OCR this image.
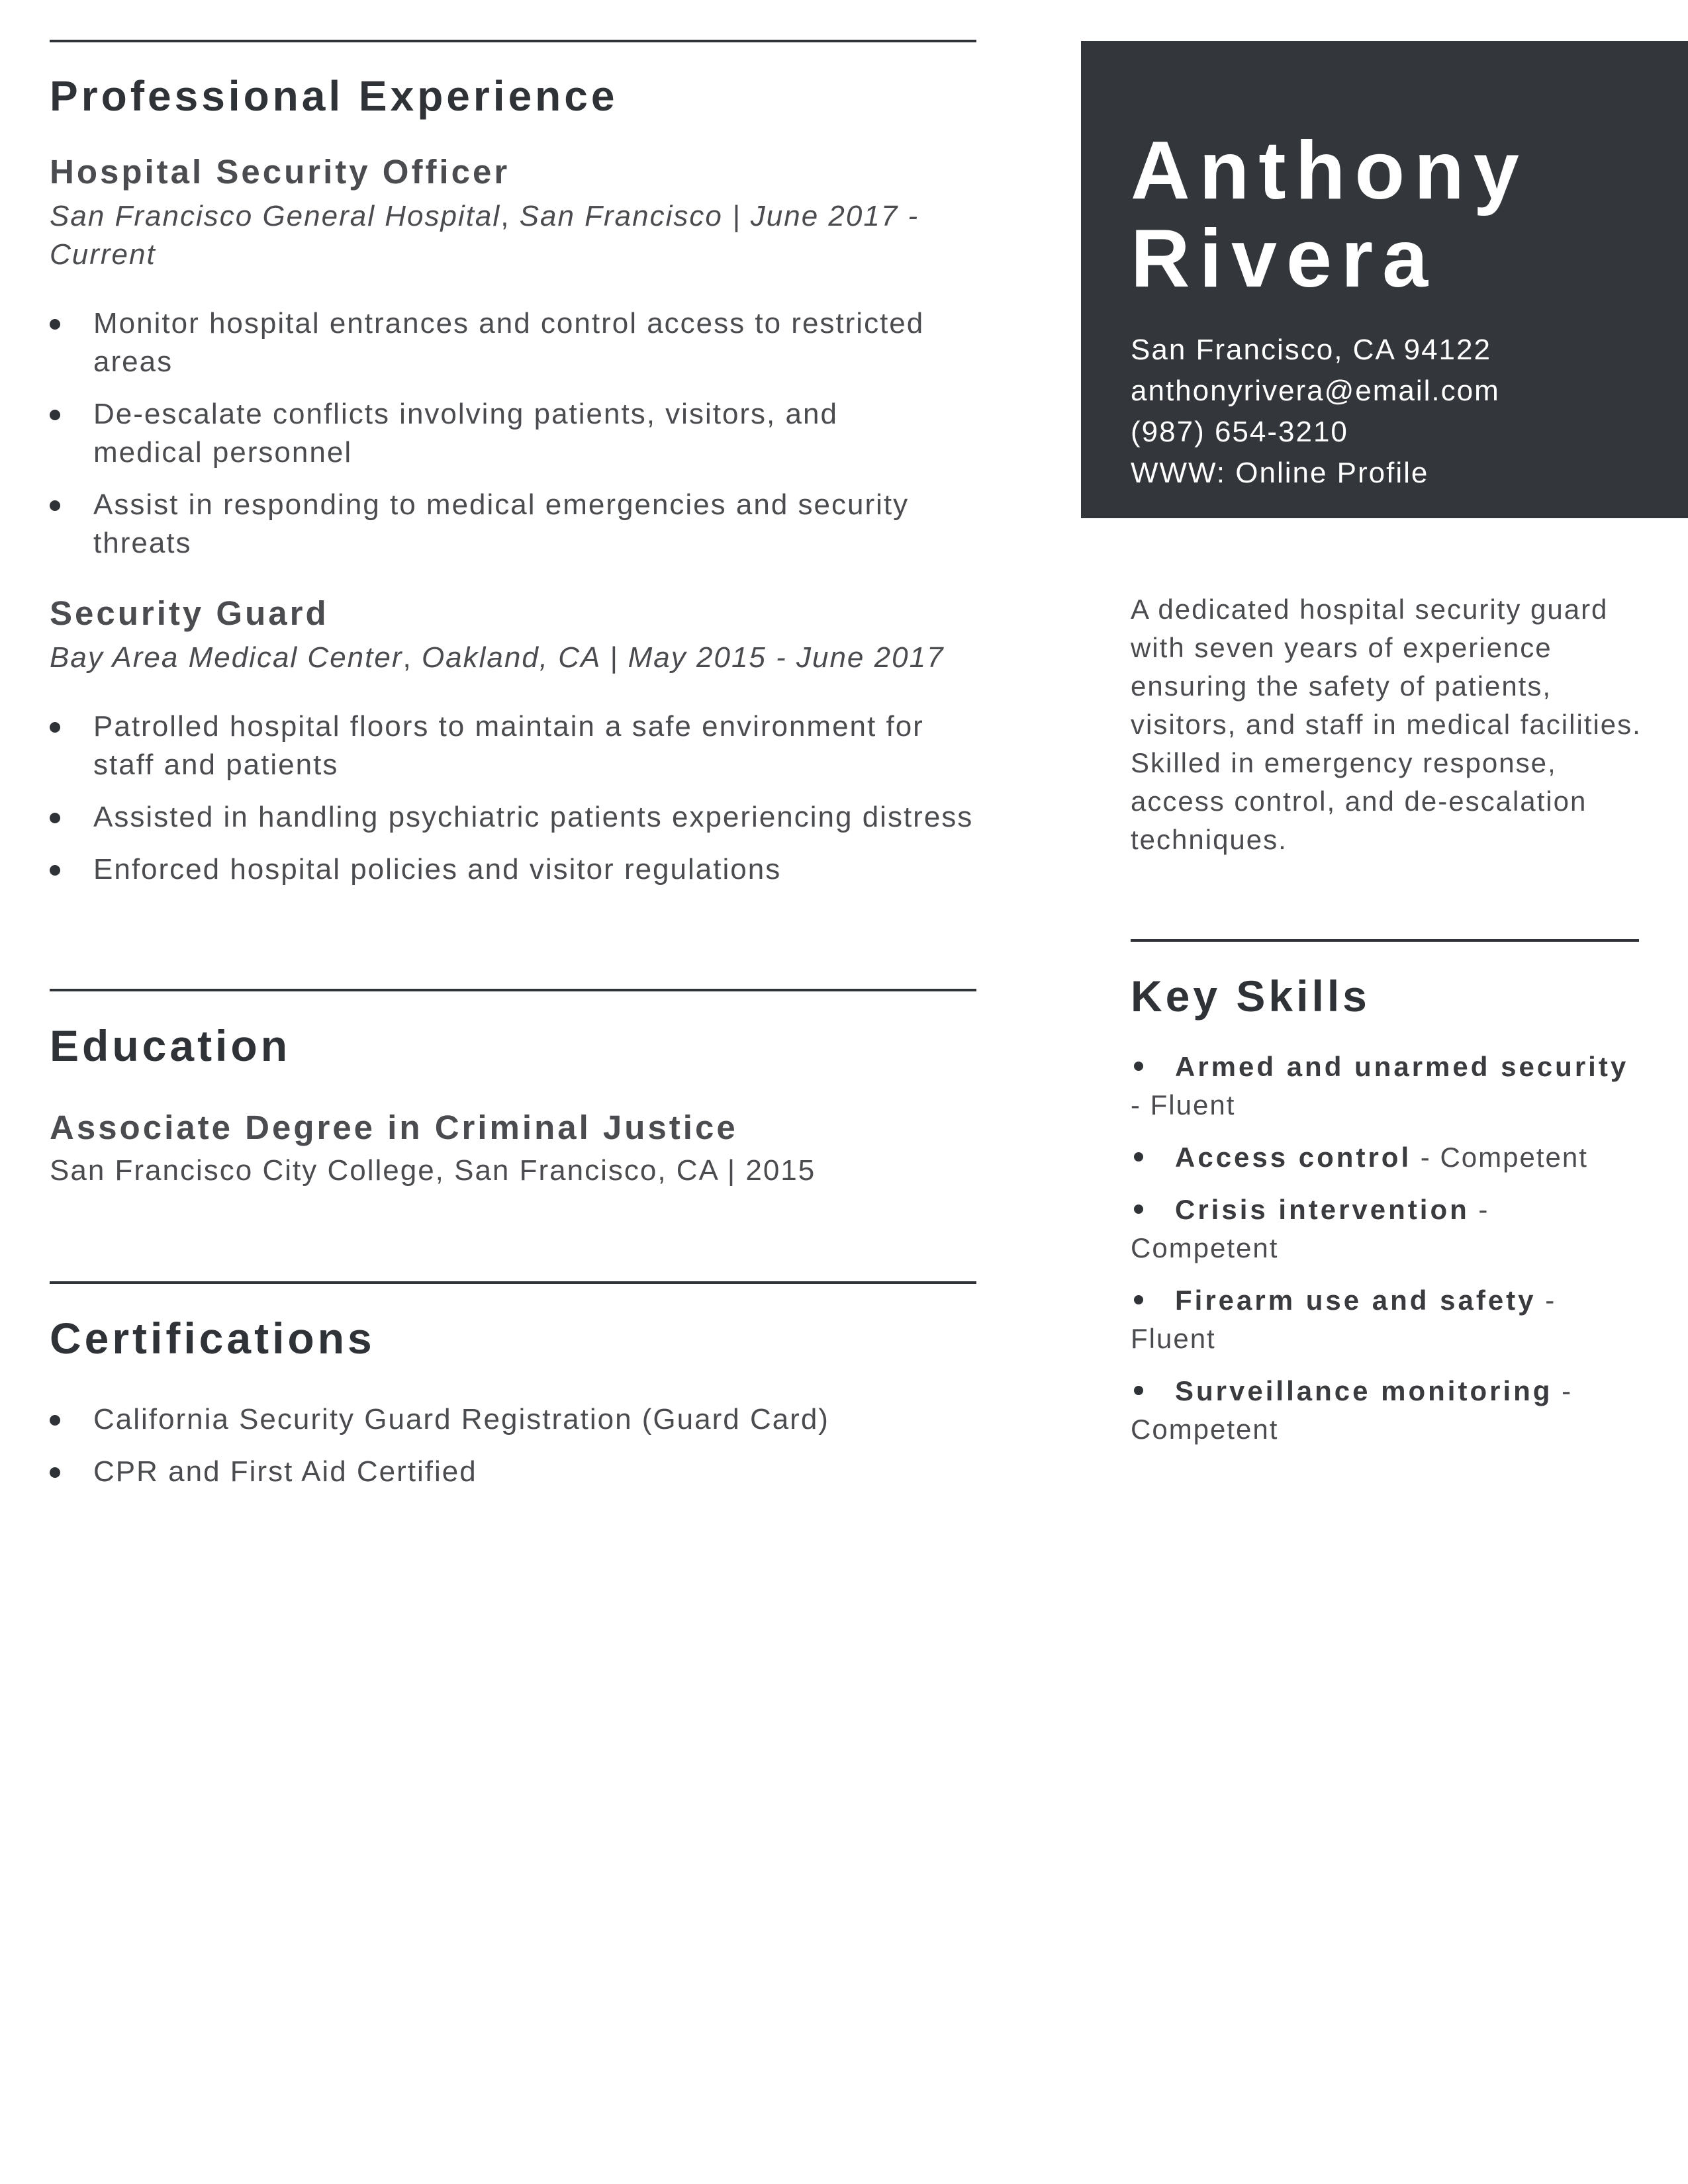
Professional Experience
Hospital Security Officer

San Francisco General Hospital, San Francisco | June 2017 - Current

Monitor hospital entrances and control access to restricted areas
De-escalate conflicts involving patients, visitors, and medical personnel
Assist in responding to medical emergencies and security threats
Security Guard

Bay Area Medical Center, Oakland, CA | May 2015 - June 2017

Patrolled hospital floors to maintain a safe environment for staff and patients
Assisted in handling psychiatric patients experiencing distress
Enforced hospital policies and visitor regulations
Education
Associate Degree in Criminal Justice

San Francisco City College, San Francisco, CA | 2015

Certifications
California Security Guard Registration (Guard Card)
CPR and First Aid Certified
Anthony
Rivera
San Francisco, CA 94122
anthonyrivera@email.com
(987) 654-3210
WWW: Online Profile

A dedicated hospital security guard with seven years of experience ensuring the safety of patients, visitors, and staff in medical facilities. Skilled in emergency response, access control, and de-escalation techniques.

Key Skills
Armed and unarmed security
- Fluent
Access control - Competent
Crisis intervention -
Competent
Firearm use and safety -
Fluent
Surveillance monitoring -
Competent
